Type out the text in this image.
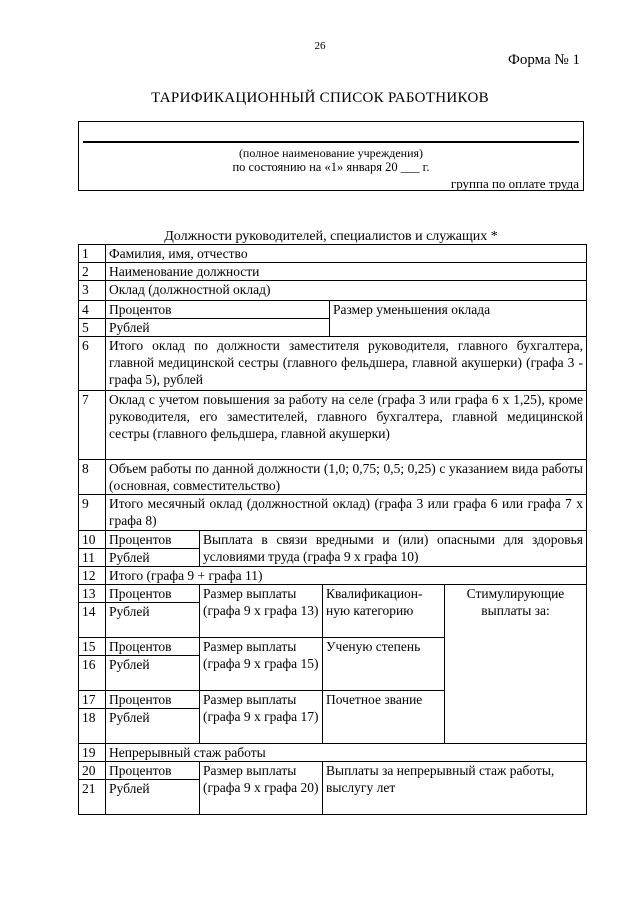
26
Форма № 1
ТАРИФИКАЦИОННЫЙ СПИСОК РАБОТНИКОВ
(полное наименование учреждения)
по состоянию на «1» января 20 ___ г.
группа по оплате труда
Должности руководителей, специалистов и служащих *
1	Фамилия, имя, отчество				
2	Наименование должности				
3	Оклад (должностной оклад)				
4	Процентов			Размер уменьшения оклада	
5	Рублей				
6	Итого оклад по должности заместителя руководителя, главного бухгалтера, главной медицинской сестры (главного фельдшера, главной акушерки) (графа 3 - графа 5), рублей				
7	Оклад с учетом повышения за работу на селе (графа 3 или графа 6 х 1,25), кроме руководителя, его заместителей, главного бухгалтера, главной медицинской сестры (главного фельдшера, главной акушерки)				
8	Объем работы по данной должности (1,0; 0,75; 0,5; 0,25) с указанием вида работы (основная, совместительство)				
9	Итого месячный оклад (должностной оклад) (графа 3 или графа 6 или графа 7 х графа 8)				
10	Процентов	Выплата в связи вредными и (или) опасными для здоровья условиями труда (графа 9 х графа 10)			
11	Рублей				
12	Итого (графа 9 + графа 11)				
13	Процентов	Размер выплаты (графа 9 х графа 13)	Квалификацион-ную категорию		Стимулирующие выплаты за:
14	Рублей				
15	Процентов	Размер выплаты (графа 9 х графа 15)	Ученую степень		
16	Рублей				
17	Процентов	Размер выплаты (графа 9 х графа 17)	Почетное звание		
18	Рублей				
19	Непрерывный стаж работы				
20	Процентов	Размер выплаты (графа 9 х графа 20)	Выплаты за непрерывный стаж работы, выслугу лет		
21	Рублей				
